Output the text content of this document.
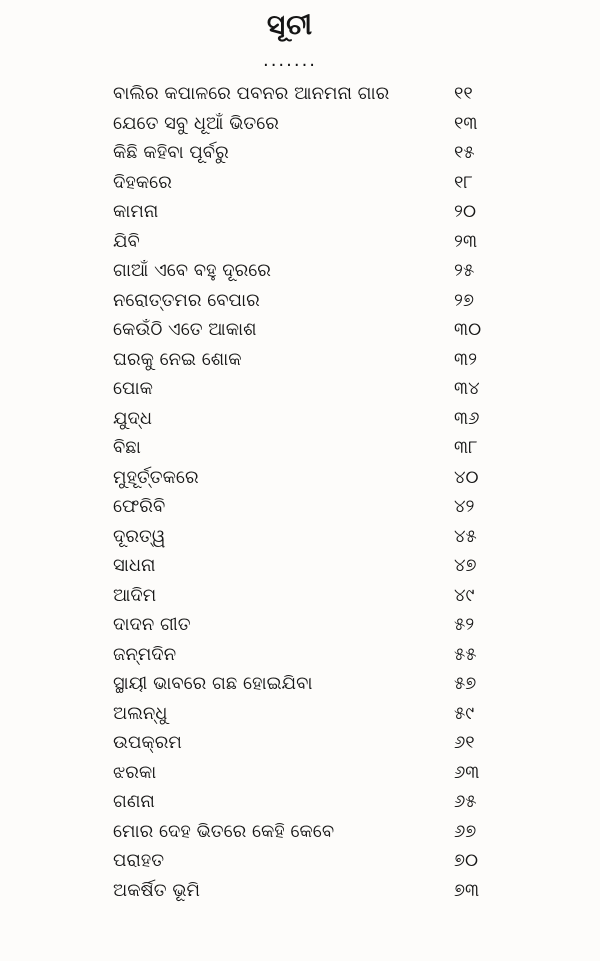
ସୂଚୀ
.......
ବାଲିର କପାଳରେ ପବନର ଆନମନା ଗାର	୧୧
ଯେତେ ସବୁ ଧୂଆଁ ଭିତରେ	୧୩
କିଛି କହିବା ପୂର୍ବରୁ	୧୫
ଦିହକରେ	୧୮
କାମନା	୨୦
ଯିବି	୨୩
ଗାଆଁ ଏବେ ବହୁ ଦୂରରେ	୨୫
ନରୋତ୍ତମର ବେପାର	୨୭
କେଉଁଠି ଏତେ ଆକାଶ	୩୦
ଘରକୁ ନେଇ ଶୋକ	୩୨
ପୋକ	୩୪
ଯୁଦ୍ଧ	୩୬
ବିଛା	୩୮
ମୁହୂର୍ତ୍ତକରେ	୪୦
ଫେରିବି	୪୨
ଦୂରତ୍ୱ	୪୫
ସାଧନା	୪୭
ଆଦିମ	୪୯
ଦାଦନ ଗୀତ	୫୨
ଜନ୍ମଦିନ	୫୫
ସ୍ଥାୟୀ ଭାବରେ ଗଛ ହୋଇଯିବା	୫୭
ଅଲନ୍ଧୁ	୫୯
ଉପକ୍ରମ	୬୧
ଝରକା	୬୩
ଗଣନା	୬୫
ମୋର ଦେହ ଭିତରେ କେହି କେବେ	୬୭
ପରାହତ	୭୦
ଅକର୍ଷିତ ଭୂମି	୭୩
